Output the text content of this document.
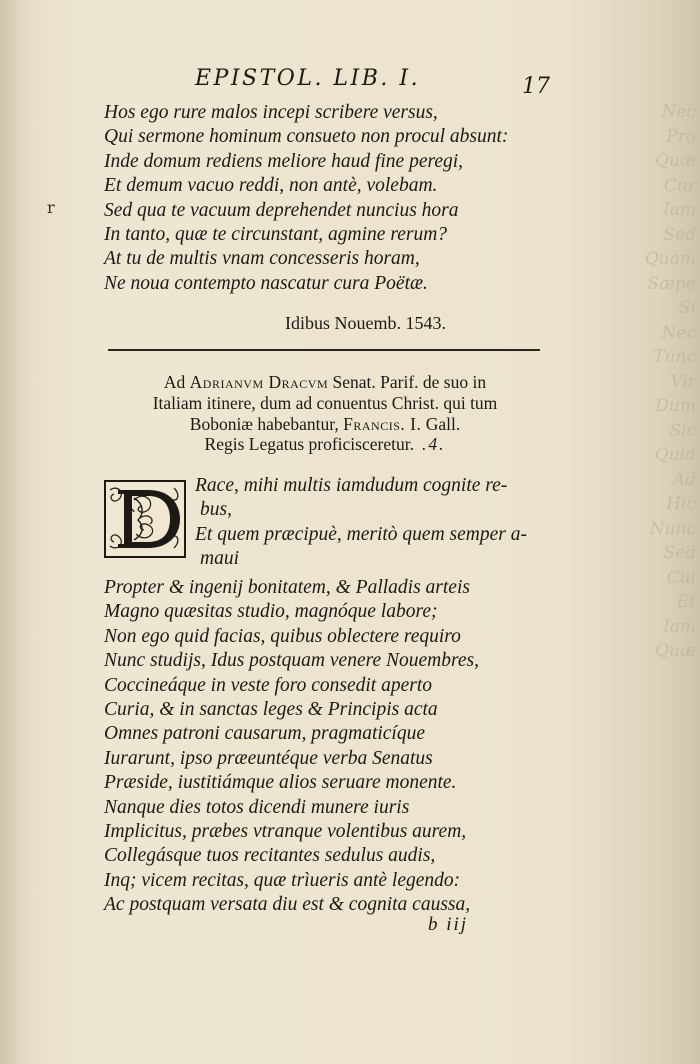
Nec
Pro
Quæ
Cur
Iam
Sed
Quàm
Sæpe
Si
Nec
Tunc
Vir
Dum
Sic
Quid
Ad
Hic
Nunc
Sed
Cui
Et
Iam
Quæ
EPISTOL. LIB. I.	17
r
Hos ego rure malos incepi scribere versus,
Qui sermone hominum consueto non procul absunt:
Inde domum rediens meliore haud fine peregi,
Et demum vacuo reddi, non antè, volebam.
Sed qua te vacuum deprehendet nuncius hora
In tanto, quæ te circunstant, agmine rerum?
At tu de multis vnam concesseris horam,
Ne noua contempto nascatur cura Poëtæ.
Idibus Nouemb. 1543.
Ad Adrianvm Dracvm Senat. Parif. de suo in
Italiam itinere, dum ad conuentus Christ. qui tum
Boboniæ habebantur, Francis. I. Gall.
Regis Legatus proficisceretur. .4.
Race, mihi multis iamdudum cognite re-
bus,
Et quem præcipuè, meritò quem semper a-
maui
Propter & ingenij bonitatem, & Palladis arteis
Magno quæsitas studio, magnóque labore;
Non ego quid facias, quibus oblectere requiro
Nunc studijs, Idus postquam venere Nouembres,
Coccineáque in veste foro consedit aperto
Curia, & in sanctas leges & Principis acta
Omnes patroni causarum, pragmaticíque
Iurarunt, ipso præeuntéque verba Senatus
Præside, iustitiámque alios seruare monente.
Nanque dies totos dicendi munere iuris
Implicitus, præbes vtranque volentibus aurem,
Collegásque tuos recitantes sedulus audis,
Inq; vicem recitas, quæ trìueris antè legendo:
Ac postquam versata diu est & cognita caussa,
b iij
